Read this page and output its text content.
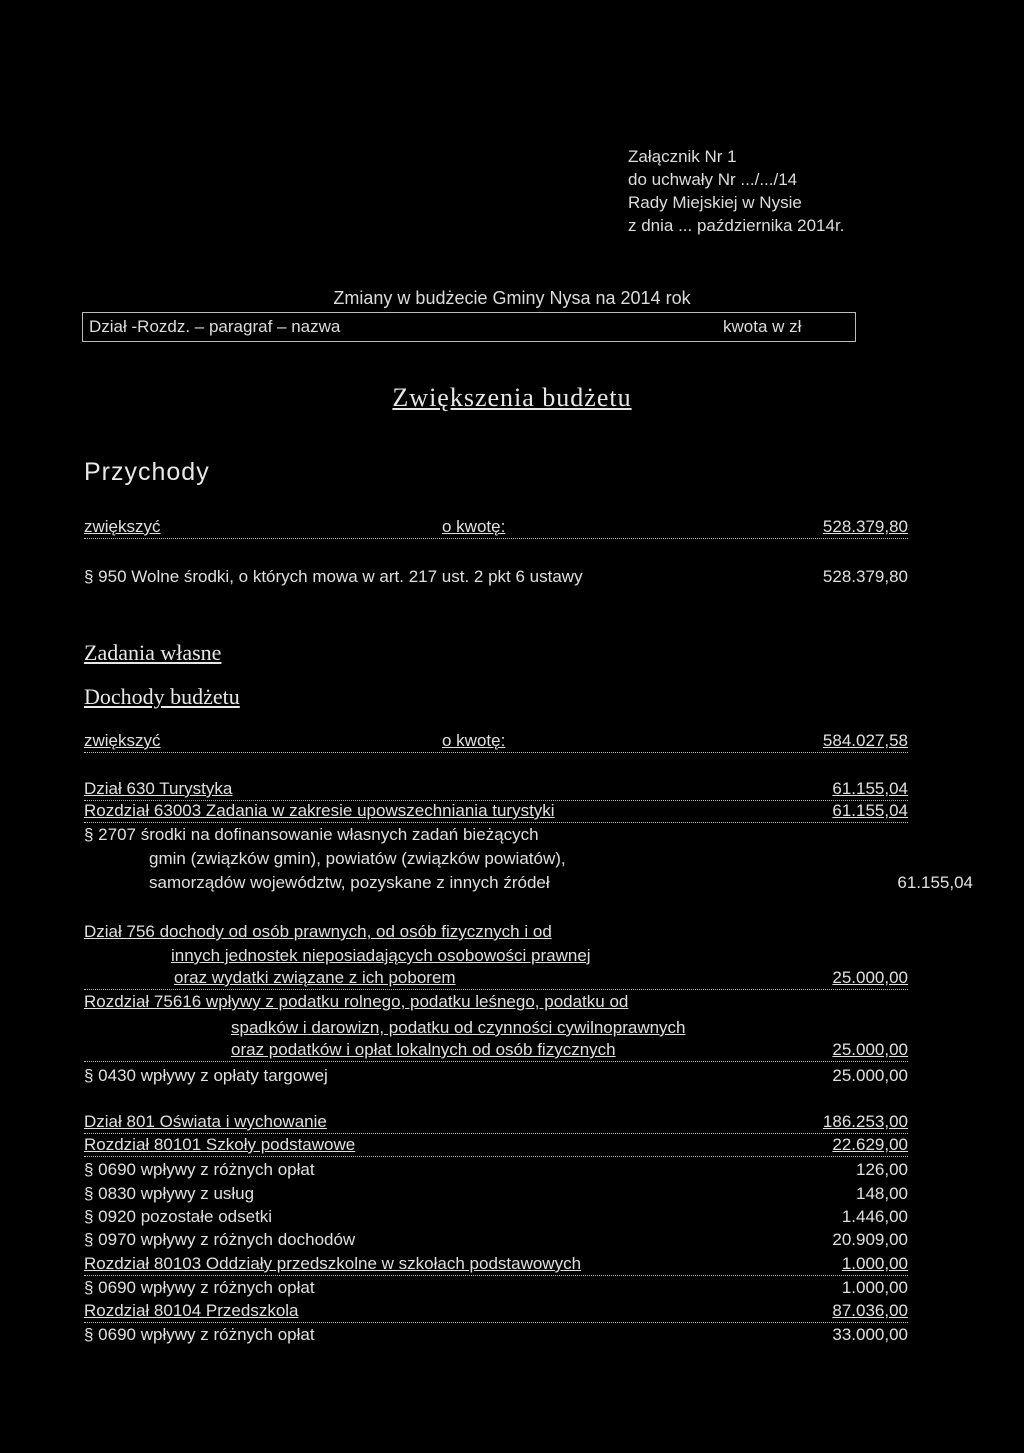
Załącznik Nr 1
do uchwały Nr .../.../14
Rady Miejskiej w Nysie
z dnia ... października 2014r.
Zmiany w budżecie Gminy Nysa na 2014 rok
Dział -Rozdz. – paragraf – nazwa	kwota w zł
Zwiększenia budżetu
Przychody
zwiększyć	o kwotę:	528.379,80

§ 950 Wolne środki, o których mowa w art. 217 ust. 2 pkt 6 ustawy	528.379,80
Zadania własne
Dochody budżetu
zwiększyć	o kwotę:	584.027,58

Dział 630 Turystyka	61.155,04
Rozdział 63003 Zadania w zakresie upowszechniania turystyki	61.155,04
§ 2707 środki na dofinansowanie własnych zadań bieżących
gmin (związków gmin), powiatów (związków powiatów),
samorządów województw, pozyskane z innych źródeł	61.155,04
Dział 756 dochody od osób prawnych, od osób fizycznych i od
innych jednostek nieposiadających osobowości prawnej
oraz wydatki związane z ich poborem	25.000,00
Rozdział 75616 wpływy z podatku rolnego, podatku leśnego, podatku od
spadków i darowizn, podatku od czynności cywilnoprawnych
oraz podatków i opłat lokalnych od osób fizycznych	25.000,00
§ 0430 wpływy z opłaty targowej	25.000,00
Dział 801 Oświata i wychowanie	186.253,00
Rozdział 80101 Szkoły podstawowe	22.629,00
§ 0690 wpływy z różnych opłat	126,00
§ 0830 wpływy z usług	148,00
§ 0920 pozostałe odsetki	1.446,00
§ 0970 wpływy z różnych dochodów	20.909,00
Rozdział 80103 Oddziały przedszkolne w szkołach podstawowych	1.000,00
§ 0690 wpływy z różnych opłat	1.000,00
Rozdział 80104 Przedszkola	87.036,00
§ 0690 wpływy z różnych opłat	33.000,00
